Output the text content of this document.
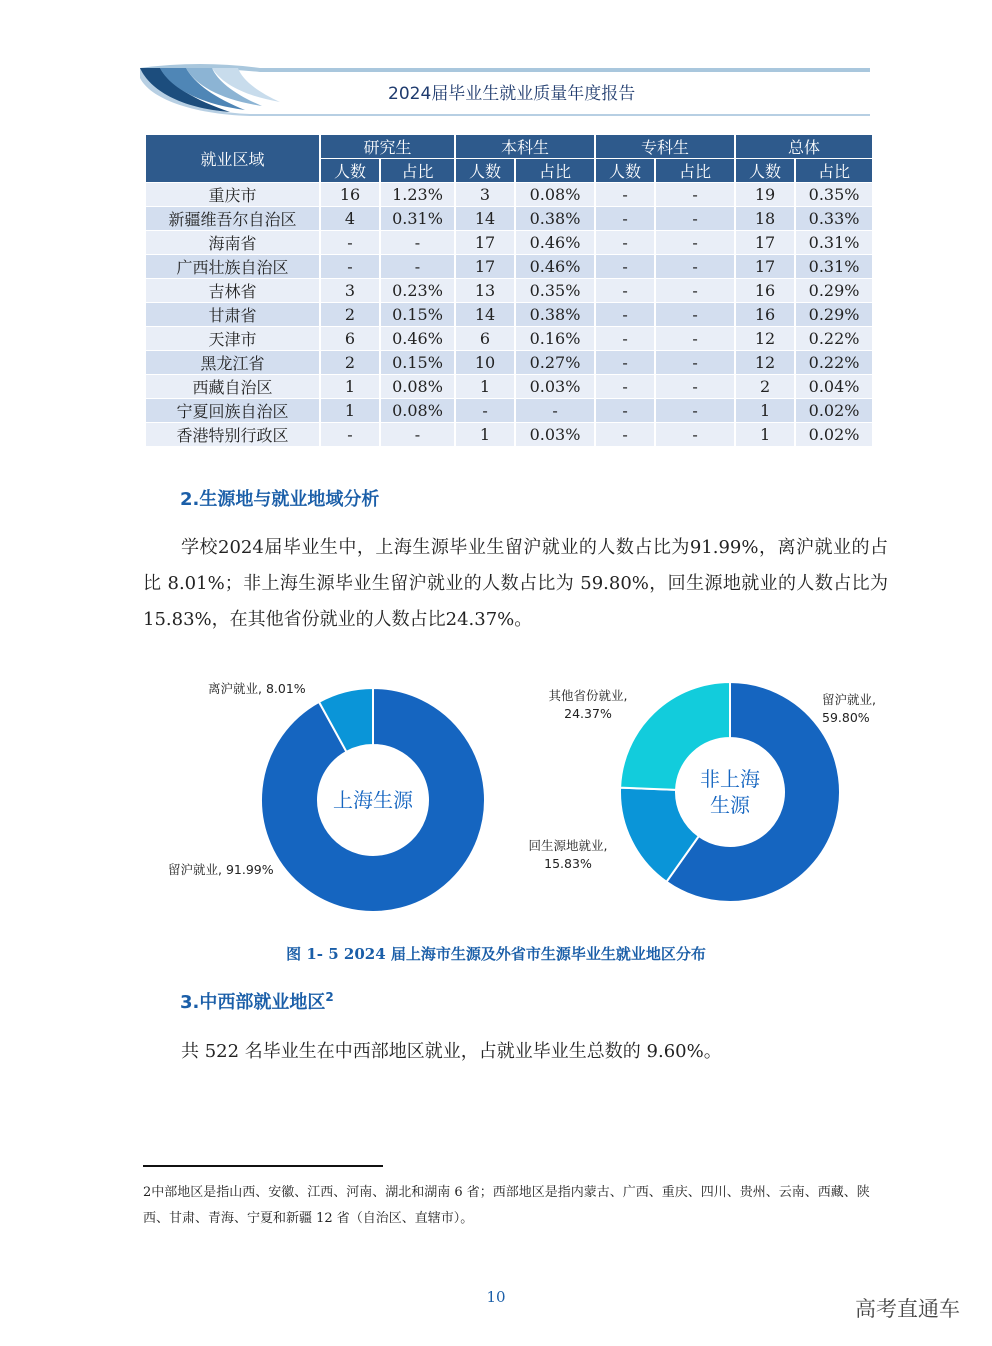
2024届毕业生就业质量年度报告
就业区域	研究生		本科生		专科生		总体	
	人数	占比	人数	占比	人数	占比	人数	占比
重庆市	16	1.23%	3	0.08%	-	-	19	0.35%
新疆维吾尔自治区	4	0.31%	14	0.38%	-	-	18	0.33%
海南省	-	-	17	0.46%	-	-	17	0.31%
广西壮族自治区	-	-	17	0.46%	-	-	17	0.31%
吉林省	3	0.23%	13	0.35%	-	-	16	0.29%
甘肃省	2	0.15%	14	0.38%	-	-	16	0.29%
天津市	6	0.46%	6	0.16%	-	-	12	0.22%
黑龙江省	2	0.15%	10	0.27%	-	-	12	0.22%
西藏自治区	1	0.08%	1	0.03%	-	-	2	0.04%
宁夏回族自治区	1	0.08%	-	-	-	-	1	0.02%
香港特别行政区	-	-	1	0.03%	-	-	1	0.02%
2.生源地与就业地域分析
学校2024届毕业生中，上海生源毕业生留沪就业的人数占比为91.99%，离沪就业的占比 8.01%；非上海生源毕业生留沪就业的人数占比为 59.80%，回生源地就业的人数占比为15.83%，在其他省份就业的人数占比24.37%。
上海生源
留沪就业, 91.99%
离沪就业, 8.01%
非上海
生源
留沪就业,
59.80%
回生源地就业,
15.83%
其他省份就业,
24.37%
图 1- 5 2024 届上海市生源及外省市生源毕业生就业地区分布
3.中西部就业地区$^2$
共 522 名毕业生在中西部地区就业，占就业毕业生总数的 9.60%。
2中部地区是指山西、安徽、江西、河南、湖北和湖南 6 省；西部地区是指内蒙古、广西、重庆、四川、贵州、云南、西藏、陕西、甘肃、青海、宁夏和新疆 12 省（自治区、直辖市）。
10	高考直通车
